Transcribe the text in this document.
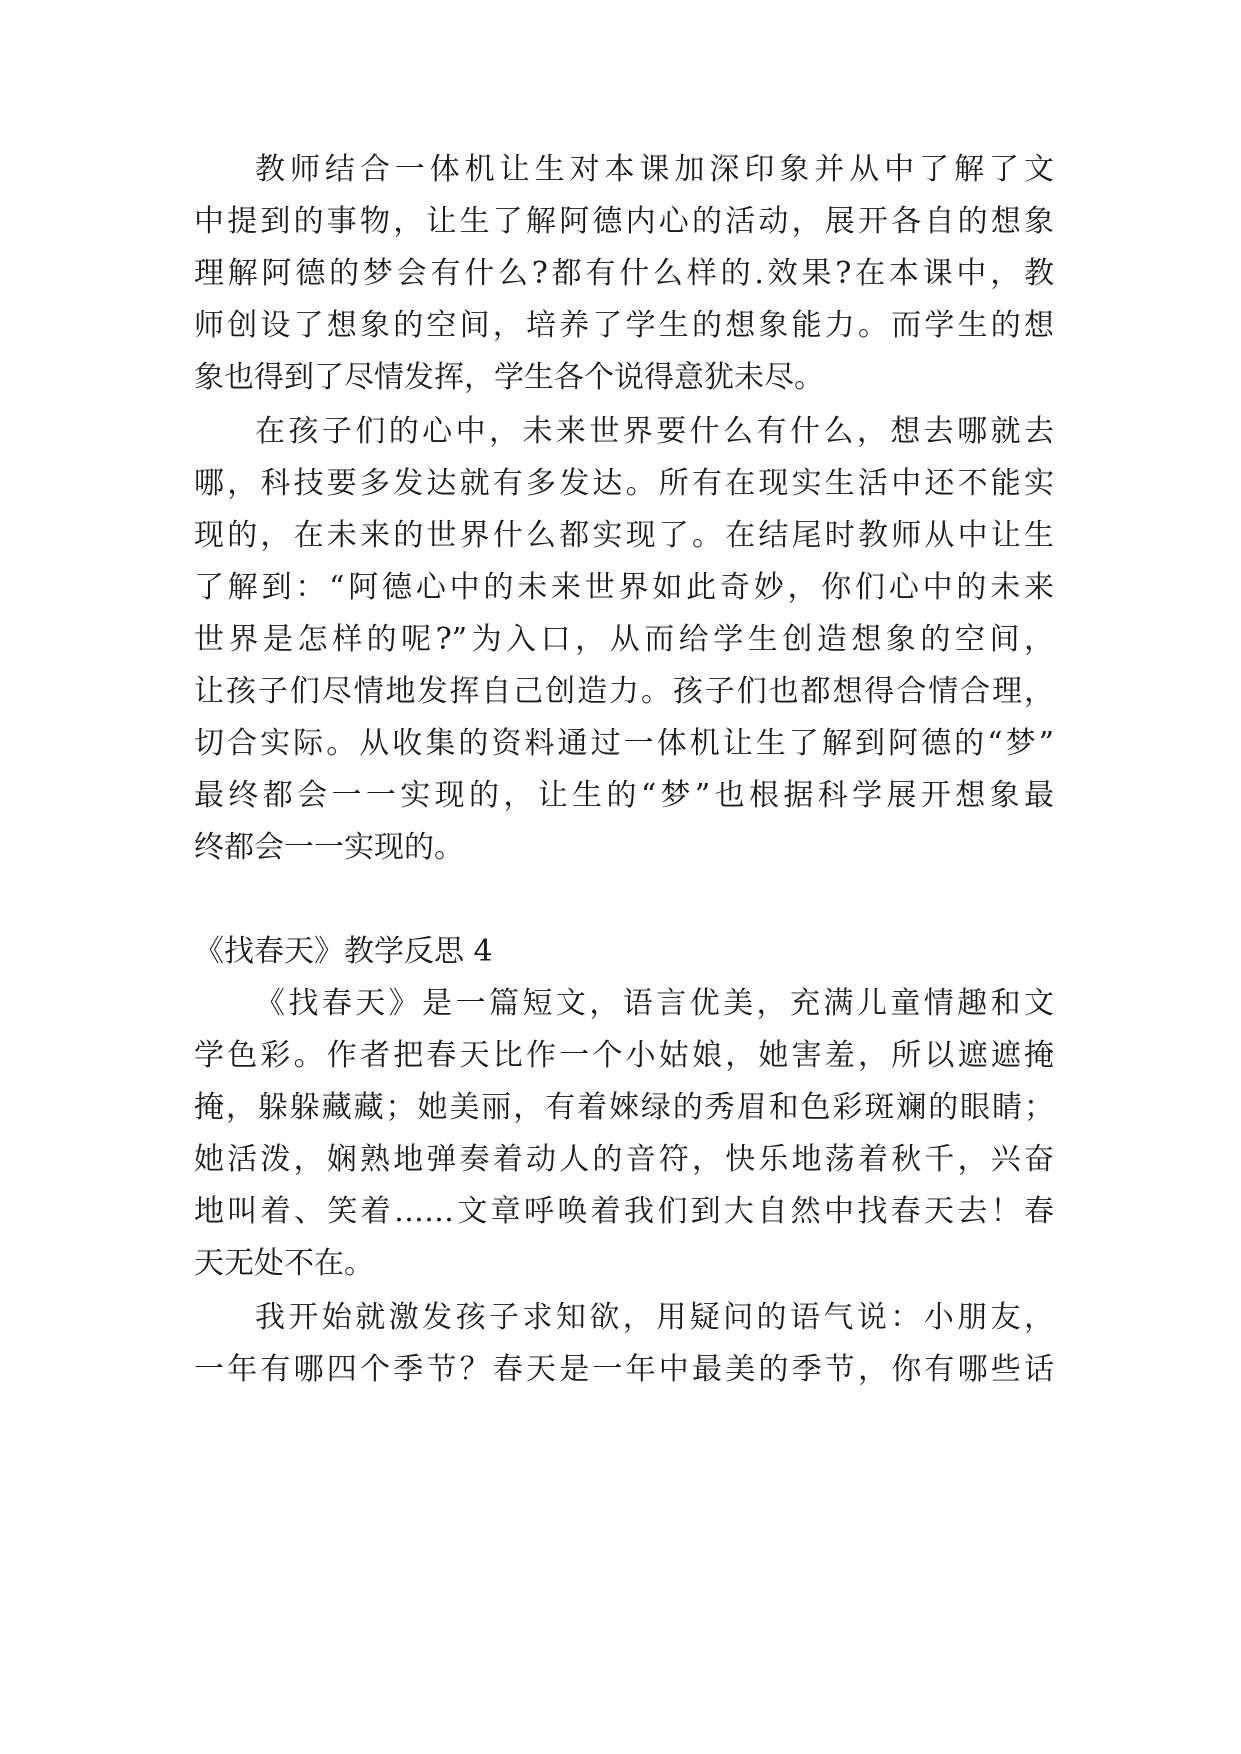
教师结合一体机让生对本课加深印象并从中了解了文
中提到的事物，让生了解阿德内心的活动，展开各自的想象
理解阿德的梦会有什么?都有什么样的.效果?在本课中，教
师创设了想象的空间，培养了学生的想象能力。而学生的想
象也得到了尽情发挥，学生各个说得意犹未尽。
在孩子们的心中，未来世界要什么有什么，想去哪就去
哪，科技要多发达就有多发达。所有在现实生活中还不能实
现的，在未来的世界什么都实现了。在结尾时教师从中让生
了解到：“阿德心中的未来世界如此奇妙，你们心中的未来
世界是怎样的呢?”为入口，从而给学生创造想象的空间，
让孩子们尽情地发挥自己创造力。孩子们也都想得合情合理，
切合实际。从收集的资料通过一体机让生了解到阿德的“梦”
最终都会一一实现的，让生的“梦”也根据科学展开想象最
终都会一一实现的。
《找春天》教学反思 4
《找春天》是一篇短文，语言优美，充满儿童情趣和文
学色彩。作者把春天比作一个小姑娘，她害羞，所以遮遮掩
掩，躲躲藏藏；她美丽，有着婡绿的秀眉和色彩斑斓的眼睛；
她活泼，娴熟地弹奏着动人的音符，快乐地荡着秋千，兴奋
地叫着、笑着……文章呼唤着我们到大自然中找春天去！春
天无处不在。
我开始就激发孩子求知欲，用疑问的语气说：小朋友，
一年有哪四个季节？春天是一年中最美的季节，你有哪些话
